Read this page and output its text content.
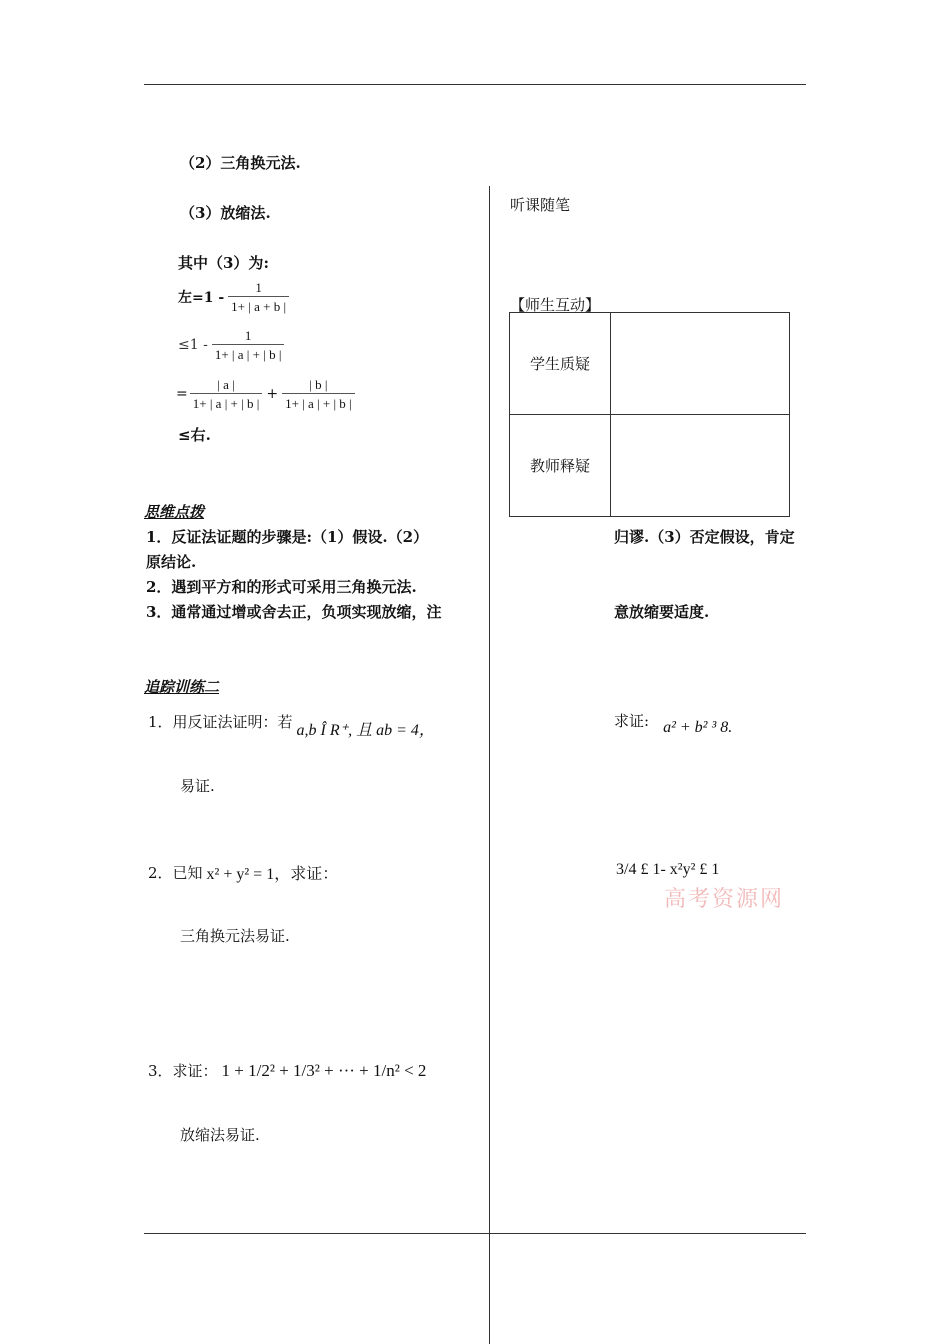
（2）三角换元法.
（3）放缩法.
其中（3）为:
左$=1 - \frac{1}{1+ | a + b |}$
$\le 1 - \frac{1}{1+ | a | + | b |}$
= $\frac{| a |}{1+ | a | + | b |} + \frac{| b |}{1+ | a | + | b |}$
≤右.
思维点拨
1．反证法证题的步骤是:（1）假设.（2）
原结论.
2．遇到平方和的形式可采用三角换元法.
3．通常通过增或舍去正，负项实现放缩，注
追踪训练二
1．用反证法证明：若 a,b Î R⁺, 且 ab = 4，
易证.
2．已知 x² + y² = 1，求证：
三角换元法易证.
3．求证： 1 + 1/2² + 1/3² + ··· + 1/n² < 2
放缩法易证.
听课随笔
【师生互动】
学生质疑	
教师释疑	
归谬.（3）否定假设，肯定
意放缩要适度.
求证: a² + b² ³ 8.
3/4 £ 1- x²y² £ 1
高考资源网
